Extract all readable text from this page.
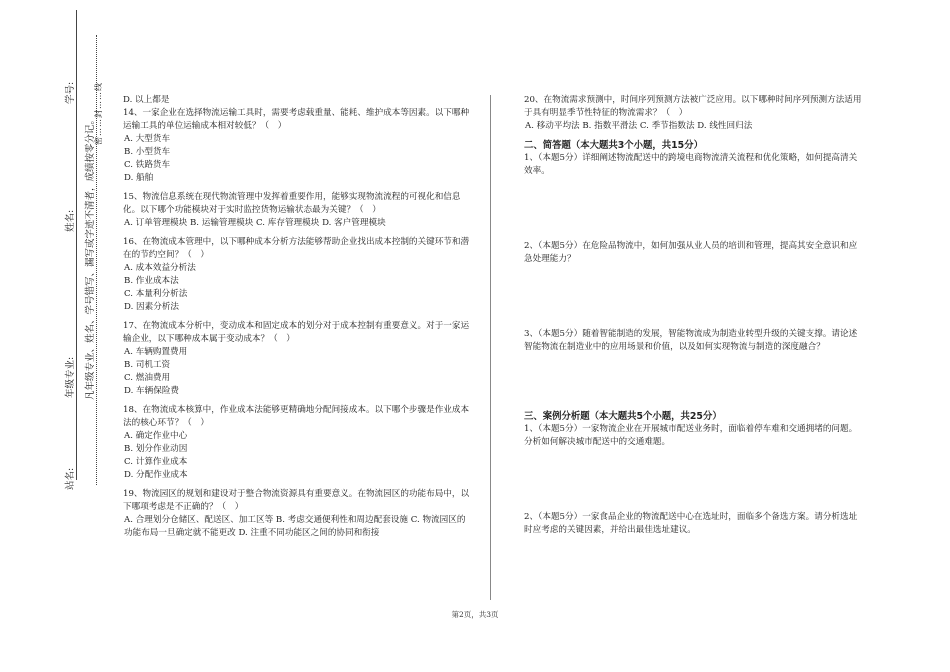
学号:
姓名:
年级专业:
站名:
凡年级专业、姓名、学号错写、漏写或字迹不清者，成绩按零分记。
密……封……线 D. 以上都是

14、一家企业在选择物流运输工具时，需要考虑载重量、能耗、维护成本等因素。以下哪种运输工具的单位运输成本相对较低？（　）

A. 大型货车

B. 小型货车

C. 铁路货车

D. 船舶

15、物流信息系统在现代物流管理中发挥着重要作用，能够实现物流流程的可视化和信息化。以下哪个功能模块对于实时监控货物运输状态最为关键？（　）

A. 订单管理模块 B. 运输管理模块 C. 库存管理模块 D. 客户管理模块

16、在物流成本管理中，以下哪种成本分析方法能够帮助企业找出成本控制的关键环节和潜在的节约空间？（　）

A. 成本效益分析法

B. 作业成本法

C. 本量利分析法

D. 因素分析法

17、在物流成本分析中，变动成本和固定成本的划分对于成本控制有重要意义。对于一家运输企业，以下哪种成本属于变动成本？（　）

A. 车辆购置费用

B. 司机工资

C. 燃油费用

D. 车辆保险费

18、在物流成本核算中，作业成本法能够更精确地分配间接成本。以下哪个步骤是作业成本法的核心环节？（　）

A. 确定作业中心

B. 划分作业动因

C. 计算作业成本

D. 分配作业成本

19、物流园区的规划和建设对于整合物流资源具有重要意义。在物流园区的功能布局中，以下哪项考虑是不正确的？（　）

A. 合理划分仓储区、配送区、加工区等 B. 考虑交通便利性和周边配套设施 C. 物流园区的功能布局一旦确定就不能更改 D. 注重不同功能区之间的协同和衔接

20、在物流需求预测中，时间序列预测方法被广泛应用。以下哪种时间序列预测方法适用于具有明显季节性特征的物流需求？（　）

A. 移动平均法 B. 指数平滑法 C. 季节指数法 D. 线性回归法

二、简答题（本大题共3个小题，共15分）

1、（本题5分）详细阐述物流配送中的跨境电商物流清关流程和优化策略，如何提高清关效率。

2、（本题5分）在危险品物流中，如何加强从业人员的培训和管理，提高其安全意识和应急处理能力？

3、（本题5分）随着智能制造的发展，智能物流成为制造业转型升级的关键支撑。请论述智能物流在制造业中的应用场景和价值，以及如何实现物流与制造的深度融合？

三、案例分析题（本大题共5个小题，共25分）

1、（本题5分）一家物流企业在开展城市配送业务时，面临着停车难和交通拥堵的问题。分析如何解决城市配送中的交通难题。

2、（本题5分）一家食品企业的物流配送中心在选址时，面临多个备选方案。请分析选址时应考虑的关键因素，并给出最佳选址建议。

第2页，共3页
